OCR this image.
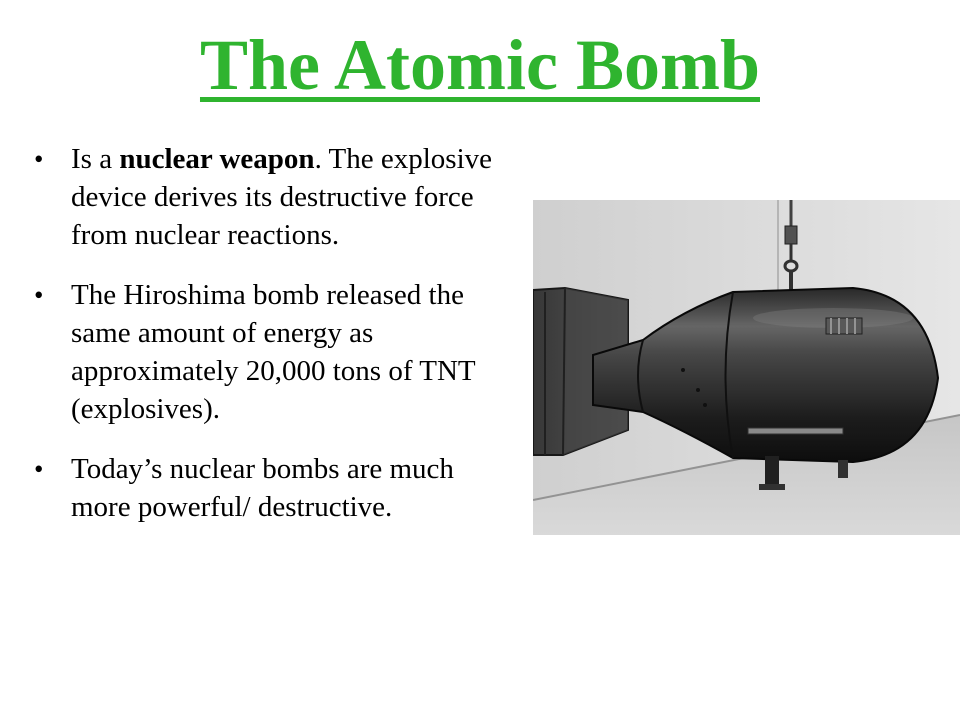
The Atomic Bomb
• Is a nuclear weapon. The explosive device derives its destructive force from nuclear reactions.
• The Hiroshima bomb released the same amount of energy as approximately 20,000 tons of TNT (explosives).
• Today’s nuclear bombs are much more powerful/ destructive.
